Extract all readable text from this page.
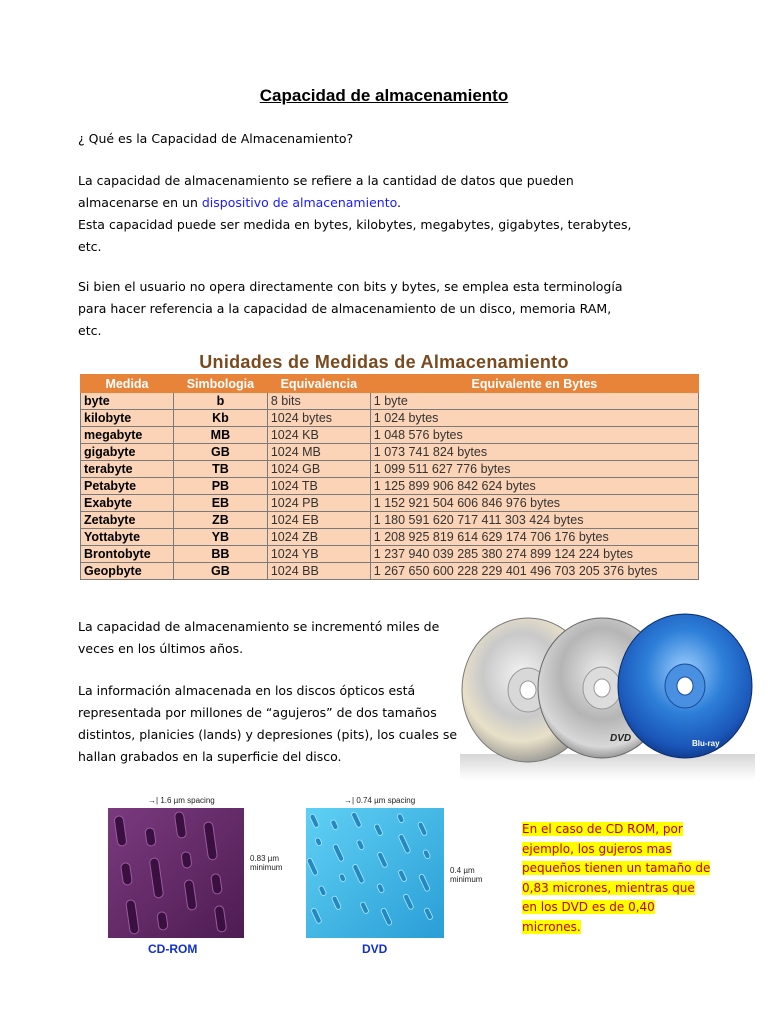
Capacidad de almacenamiento
¿ Qué es la Capacidad de Almacenamiento?
La capacidad de almacenamiento se refiere a la cantidad de datos que pueden
almacenarse en un dispositivo de almacenamiento.
Esta capacidad puede ser medida en bytes, kilobytes, megabytes, gigabytes, terabytes,
etc.
Si bien el usuario no opera directamente con bits y bytes, se emplea esta terminología
para hacer referencia a la capacidad de almacenamiento de un disco, memoria RAM,
etc.
Unidades de Medidas de Almacenamiento
Medida	Simbologia	Equivalencia	Equivalente en Bytes
byte	b	8 bits	1 byte
kilobyte	Kb	1024 bytes	1 024 bytes
megabyte	MB	1024 KB	1 048 576 bytes
gigabyte	GB	1024 MB	1 073 741 824 bytes
terabyte	TB	1024 GB	1 099 511 627 776 bytes
Petabyte	PB	1024 TB	1 125 899 906 842 624 bytes
Exabyte	EB	1024 PB	1 152 921 504 606 846 976 bytes
Zetabyte	ZB	1024 EB	1 180 591 620 717 411 303 424 bytes
Yottabyte	YB	1024 ZB	1 208 925 819 614 629 174 706 176 bytes
Brontobyte	BB	1024 YB	1 237 940 039 285 380 274 899 124 224 bytes
Geopbyte	GB	1024 BB	1 267 650 600 228 229 401 496 703 205 376 bytes
La capacidad de almacenamiento se incrementó miles de
veces en los últimos años.
La información almacenada en los discos ópticos está
representada por millones de “agujeros” de dos tamaños
distintos, planicies (lands) y depresiones (pits), los cuales se
hallan grabados en la superficie del disco.
DVD	Blu-ray
→| 1.6 µm spacing
0.83 µm
minimum
CD-ROM
→| 0.74 µm spacing
0.4 µm
minimum
DVD
En el caso de CD ROM, por
ejemplo, los gujeros mas
pequeños tienen un tamaño de
0,83 micrones, mientras que
en los DVD es de 0,40
micrones.
